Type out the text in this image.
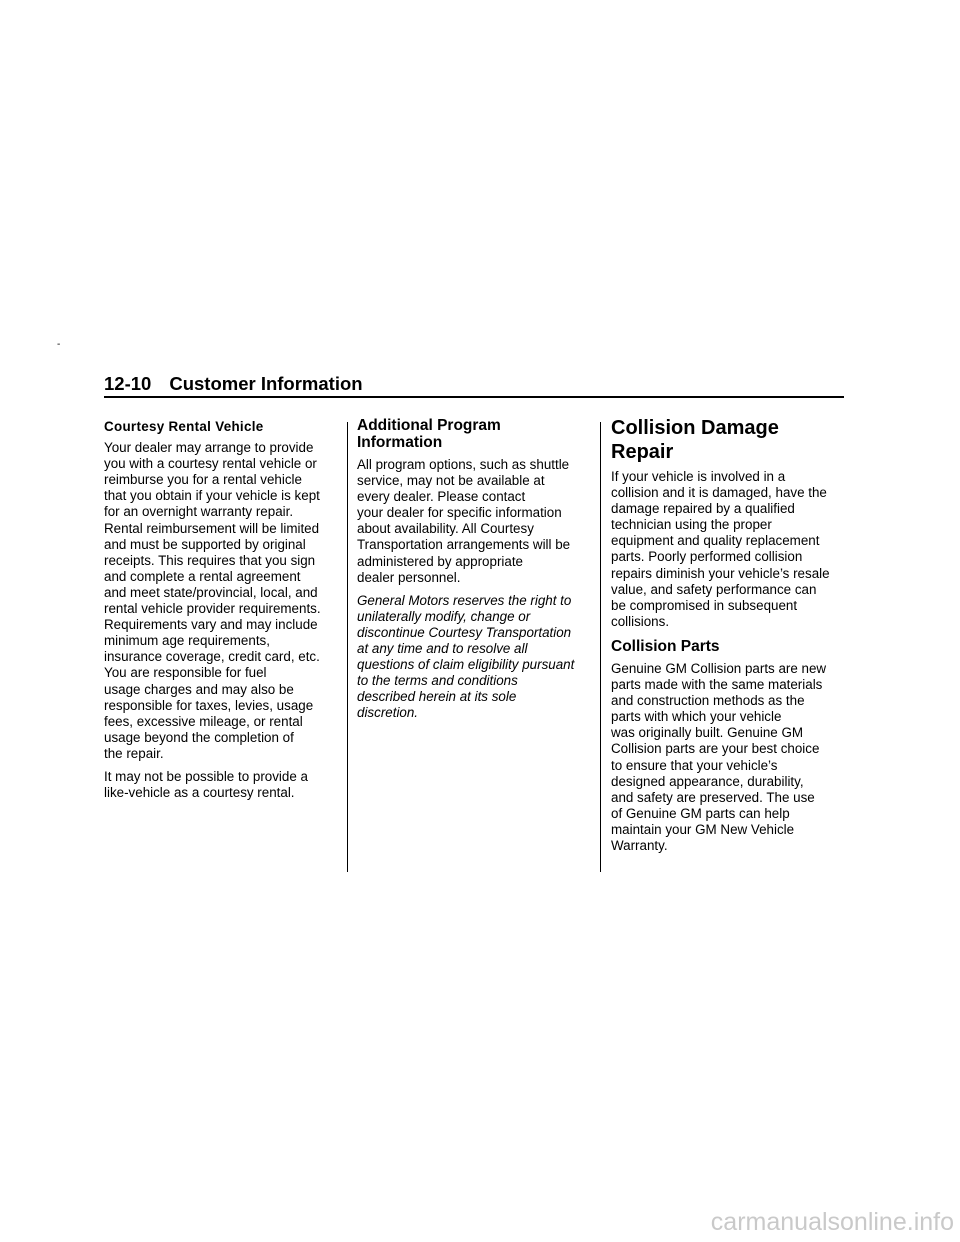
-
12-10 Customer Information
Courtesy Rental Vehicle

Your dealer may arrange to provide
you with a courtesy rental vehicle or
reimburse you for a rental vehicle
that you obtain if your vehicle is kept
for an overnight warranty repair.
Rental reimbursement will be limited
and must be supported by original
receipts. This requires that you sign
and complete a rental agreement
and meet state/provincial, local, and
rental vehicle provider requirements.
Requirements vary and may include
minimum age requirements,
insurance coverage, credit card, etc.
You are responsible for fuel
usage charges and may also be
responsible for taxes, levies, usage
fees, excessive mileage, or rental
usage beyond the completion of
the repair.

It may not be possible to provide a
like-vehicle as a courtesy rental.

Additional Program
Information

All program options, such as shuttle
service, may not be available at
every dealer. Please contact
your dealer for specific information
about availability. All Courtesy
Transportation arrangements will be
administered by appropriate
dealer personnel.

General Motors reserves the right to
unilaterally modify, change or
discontinue Courtesy Transportation
at any time and to resolve all
questions of claim eligibility pursuant
to the terms and conditions
described herein at its sole
discretion.

Collision Damage Repair

If your vehicle is involved in a
collision and it is damaged, have the
damage repaired by a qualified
technician using the proper
equipment and quality replacement
parts. Poorly performed collision
repairs diminish your vehicle’s resale
value, and safety performance can
be compromised in subsequent
collisions.

Collision Parts

Genuine GM Collision parts are new
parts made with the same materials
and construction methods as the
parts with which your vehicle
was originally built. Genuine GM
Collision parts are your best choice
to ensure that your vehicle’s
designed appearance, durability,
and safety are preserved. The use
of Genuine GM parts can help
maintain your GM New Vehicle
Warranty.

carmanualsonline.info
